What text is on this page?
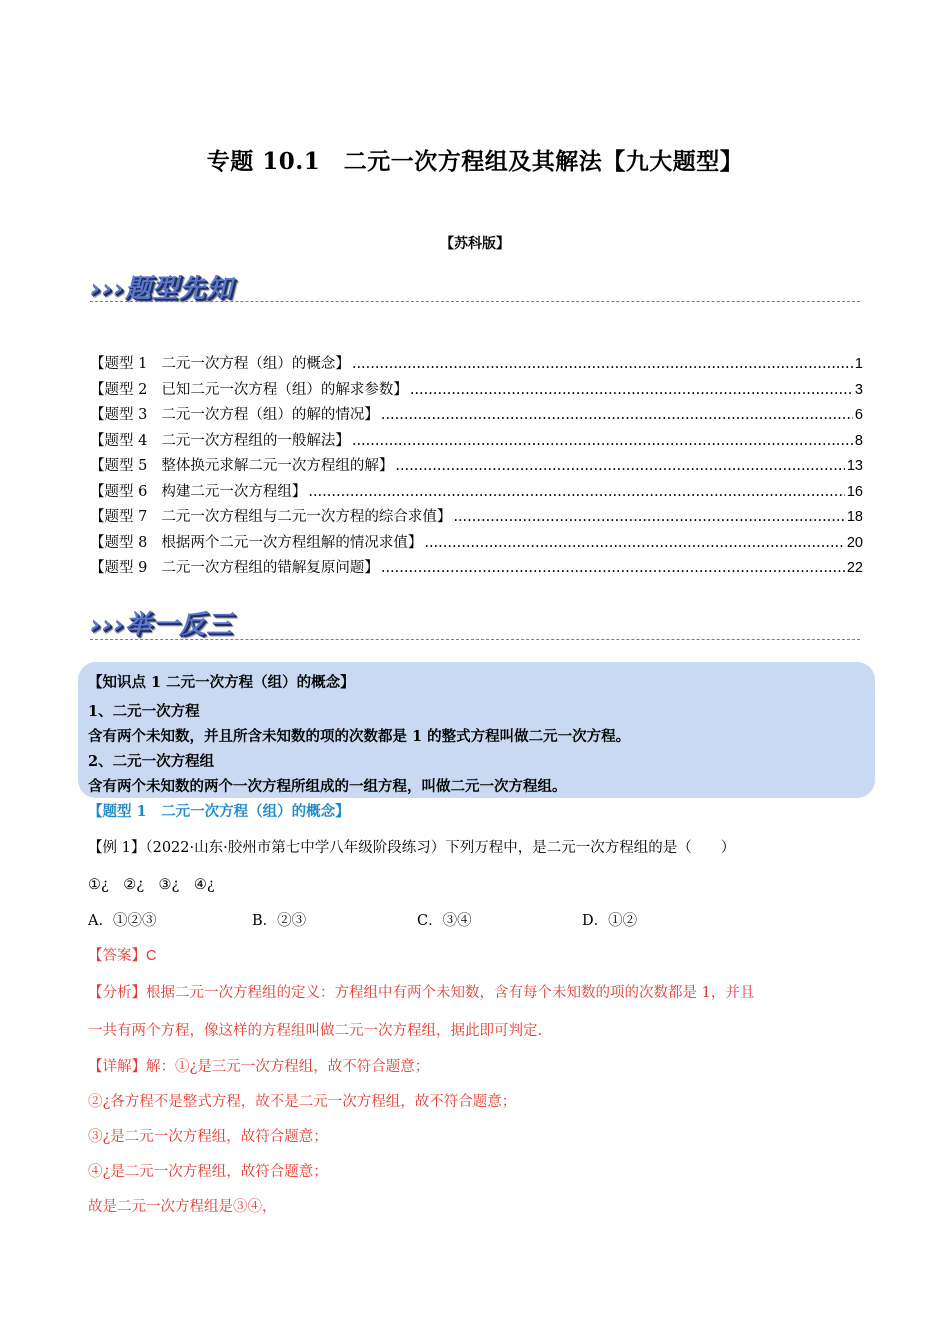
专题 10.1　二元一次方程组及其解法【九大题型】
【苏科版】
›››题型先知
【题型 1 二元一次方程（组）的概念】 .....	1
【题型 2 已知二元一次方程（组）的解求参数】 .....	3
【题型 3 二元一次方程（组）的解的情况】 .....	6
【题型 4 二元一次方程组的一般解法】 .....	8
【题型 5 整体换元求解二元一次方程组的解】 .....	13
【题型 6 构建二元一次方程组】 .....	16
【题型 7 二元一次方程组与二元一次方程的综合求值】 .....	18
【题型 8 根据两个二元一次方程组解的情况求值】 .....	20
【题型 9 二元一次方程组的错解复原问题】 .....	22
›››举一反三
【知识点 1 二元一次方程（组）的概念】
1、二元一次方程
含有两个未知数，并且所含未知数的项的次数都是 1 的整式方程叫做二元一次方程。
2、二元一次方程组
含有两个未知数的两个一次方程所组成的一组方程，叫做二元一次方程组。
【题型 1　二元一次方程（组）的概念】
【例 1】（2022·山东·胶州市第七中学八年级阶段练习）下列万程中，是二元一次方程组的是（　　）
①¿　②¿　③¿　④¿
A．①②③	B．②③	C．③④	D．①②
【答案】C
【分析】根据二元一次方程组的定义：方程组中有两个未知数，含有每个未知数的项的次数都是 1，并且
一共有两个方程，像这样的方程组叫做二元一次方程组，据此即可判定.
【详解】解：①¿是三元一次方程组，故不符合题意；
②¿各方程不是整式方程，故不是二元一次方程组，故不符合题意；
③¿是二元一次方程组，故符合题意；
④¿是二元一次方程组，故符合题意；
故是二元一次方程组是③④，
